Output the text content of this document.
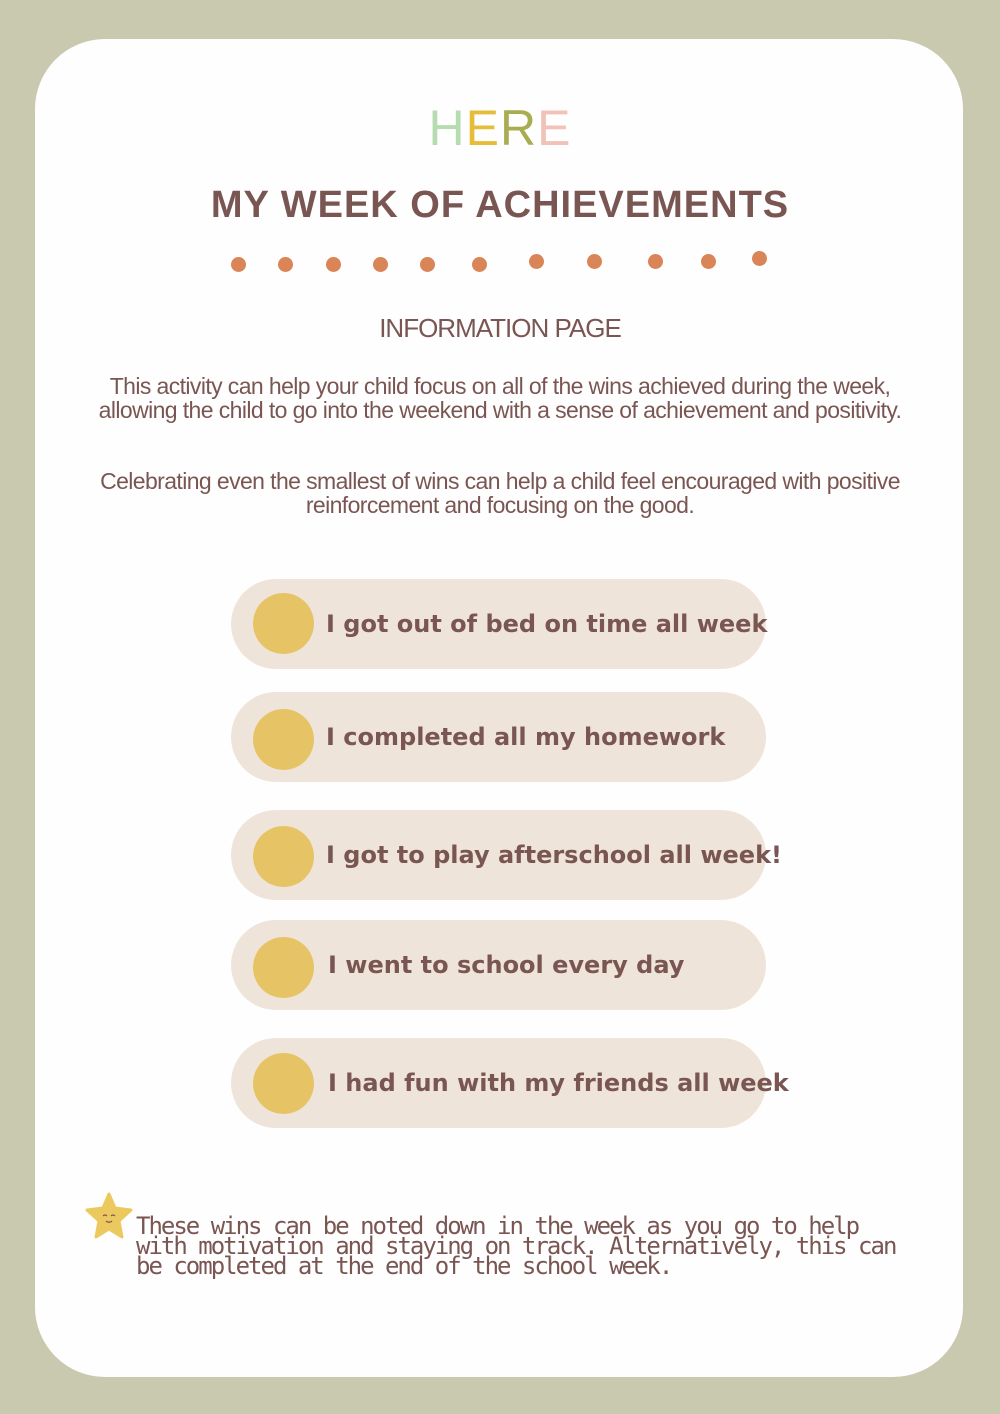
HERE
MY WEEK OF ACHIEVEMENTS
INFORMATION PAGE
This activity can help your child focus on all of the wins achieved during the week, allowing the child to go into the weekend with a sense of achievement and positivity.
Celebrating even the smallest of wins can help a child feel encouraged with positive reinforcement and focusing on the good.
I got out of bed on time all week
I completed all my homework
I got to play afterschool all week!
I went to school every day
I had fun with my friends all week
These wins can be noted down in the week as you go to help with motivation and staying on track. Alternatively, this can be completed at the end of the school week.
